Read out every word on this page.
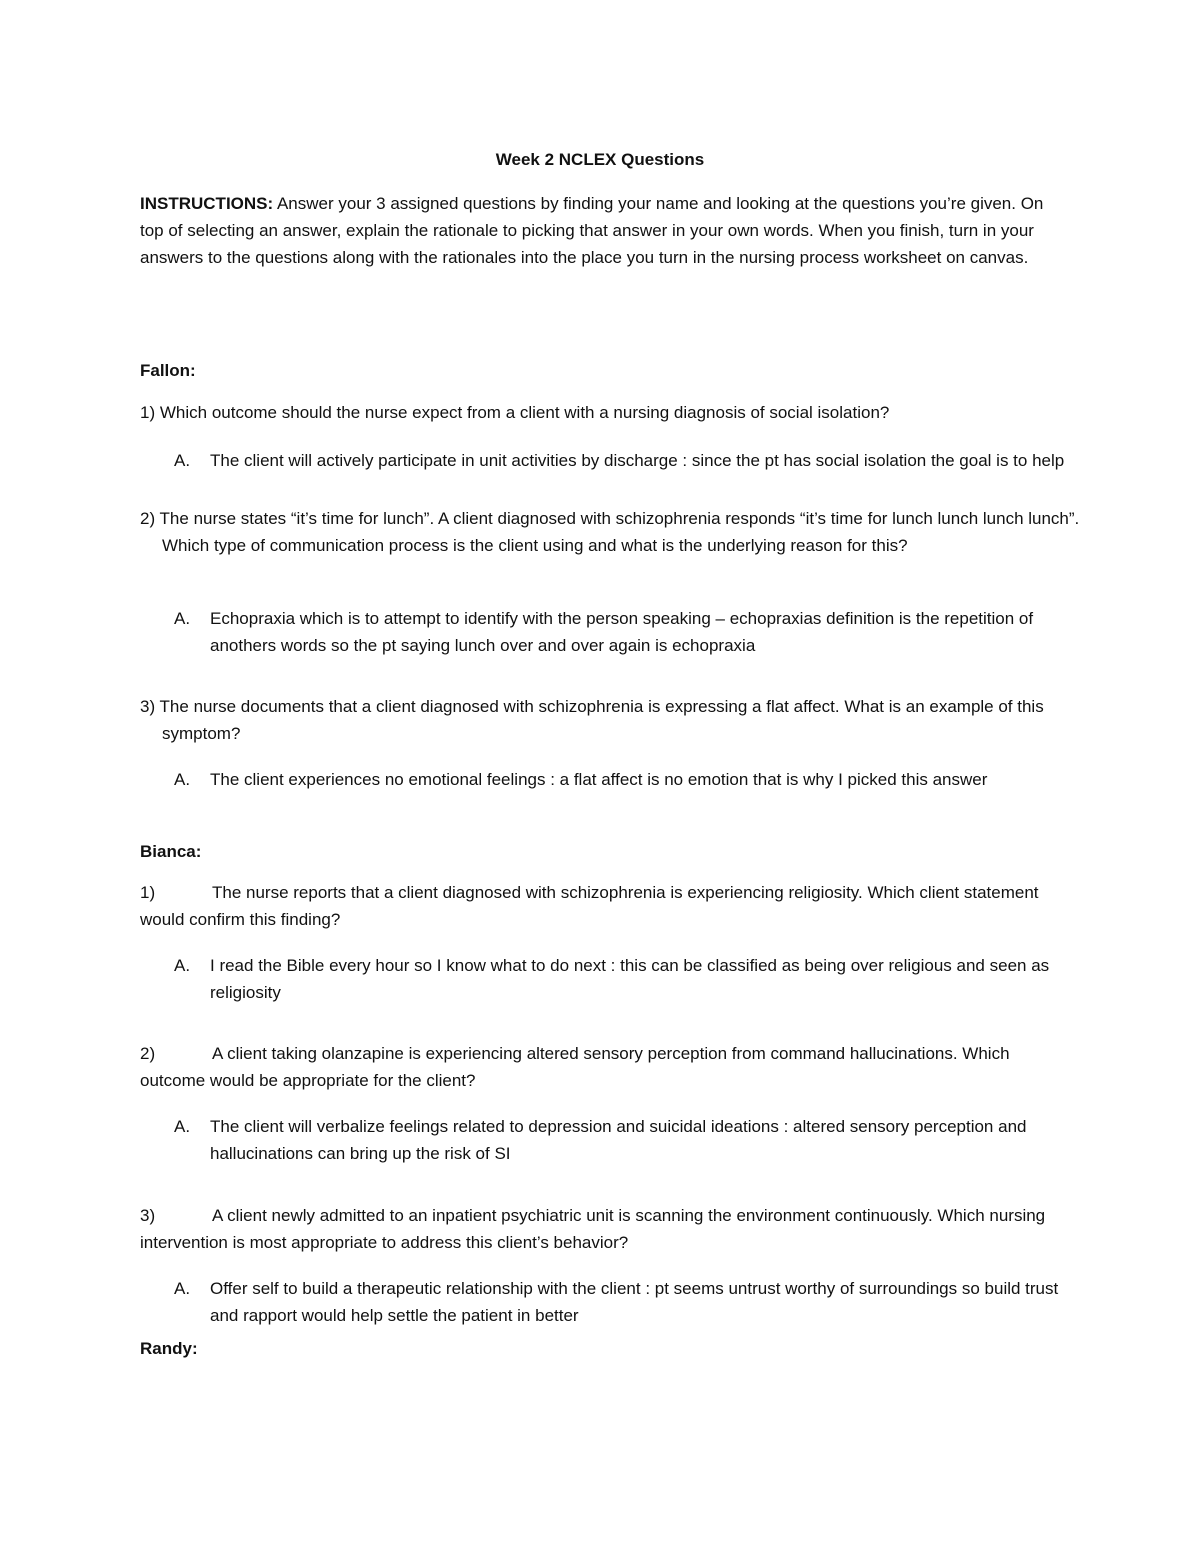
Week 2 NCLEX Questions
INSTRUCTIONS: Answer your 3 assigned questions by finding your name and looking at the questions you’re given. On top of selecting an answer, explain the rationale to picking that answer in your own words. When you finish, turn in your answers to the questions along with the rationales into the place you turn in the nursing process worksheet on canvas.
Fallon:
1) Which outcome should the nurse expect from a client with a nursing diagnosis of social isolation?
A. The client will actively participate in unit activities by discharge : since the pt has social isolation the goal is to help
2) The nurse states “it’s time for lunch”. A client diagnosed with schizophrenia responds “it’s time for lunch lunch lunch lunch”. Which type of communication process is the client using and what is the underlying reason for this?
A. Echopraxia which is to attempt to identify with the person speaking – echopraxias definition is the repetition of anothers words so the pt saying lunch over and over again is echopraxia
3) The nurse documents that a client diagnosed with schizophrenia is expressing a flat affect. What is an example of this symptom?
A. The client experiences no emotional feelings : a flat affect is no emotion that is why I picked this answer
Bianca:
1)	The nurse reports that a client diagnosed with schizophrenia is experiencing religiosity. Which client statement would confirm this finding?
A. I read the Bible every hour so I know what to do next : this can be classified as being over religious and seen as religiosity
2)	A client taking olanzapine is experiencing altered sensory perception from command hallucinations. Which outcome would be appropriate for the client?
A. The client will verbalize feelings related to depression and suicidal ideations : altered sensory perception and hallucinations can bring up the risk of SI
3)	A client newly admitted to an inpatient psychiatric unit is scanning the environment continuously. Which nursing intervention is most appropriate to address this client’s behavior?
A. Offer self to build a therapeutic relationship with the client : pt seems untrust worthy of surroundings so build trust and rapport would help settle the patient in better
Randy:
